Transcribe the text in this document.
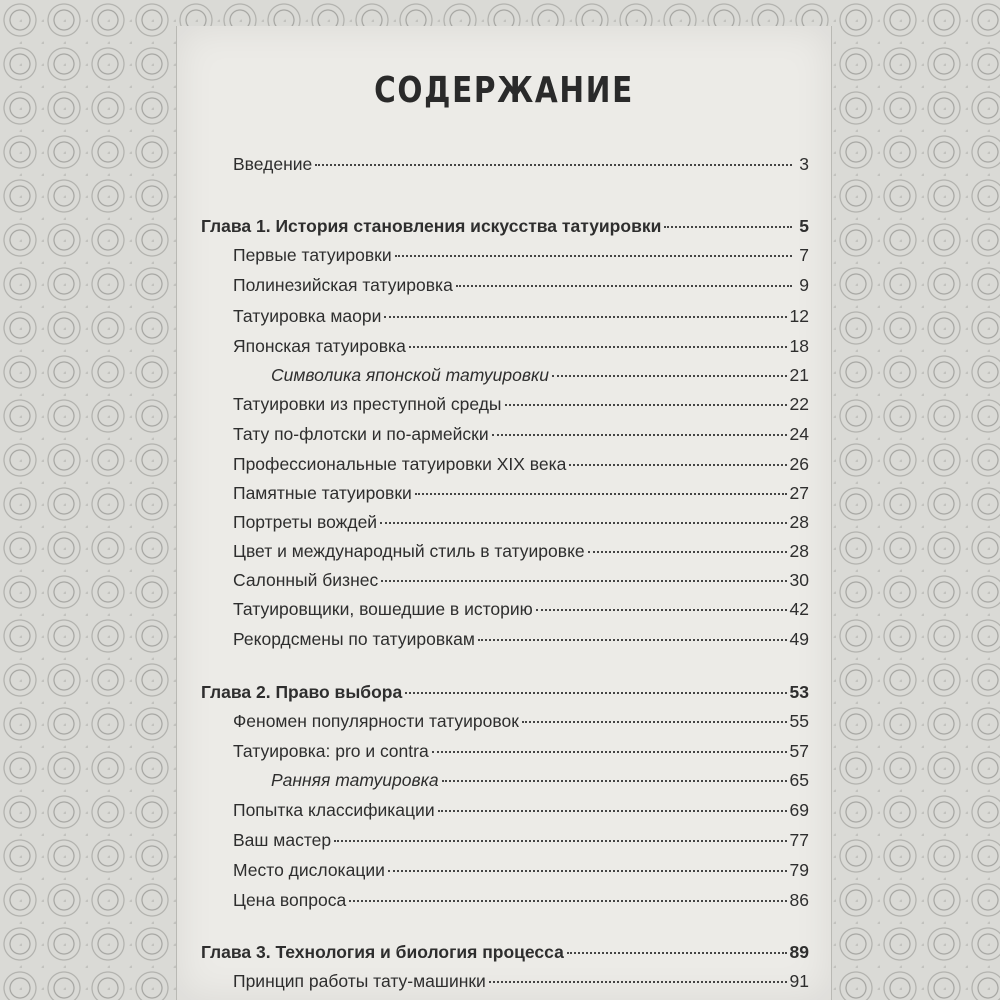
СОДЕРЖАНИЕ
Введение	3
Глава 1. История становления искусства татуировки	5
Первые татуировки	7
Полинезийская татуировка	9
Татуировка маори	12
Японская татуировка	18
Символика японской татуировки	21
Татуировки из преступной среды	22
Тату по-флотски и по-армейски	24
Профессиональные татуировки XIX века	26
Памятные татуировки	27
Портреты вождей	28
Цвет и международный стиль в татуировке	28
Салонный бизнес	30
Татуировщики, вошедшие в историю	42
Рекордсмены по татуировкам	49
Глава 2. Право выбора	53
Феномен популярности татуировок	55
Татуировка: pro и contra	57
Ранняя татуировка	65
Попытка классификации	69
Ваш мастер	77
Место дислокации	79
Цена вопроса	86
Глава 3. Технология и биология процесса	89
Принцип работы тату-машинки	91
